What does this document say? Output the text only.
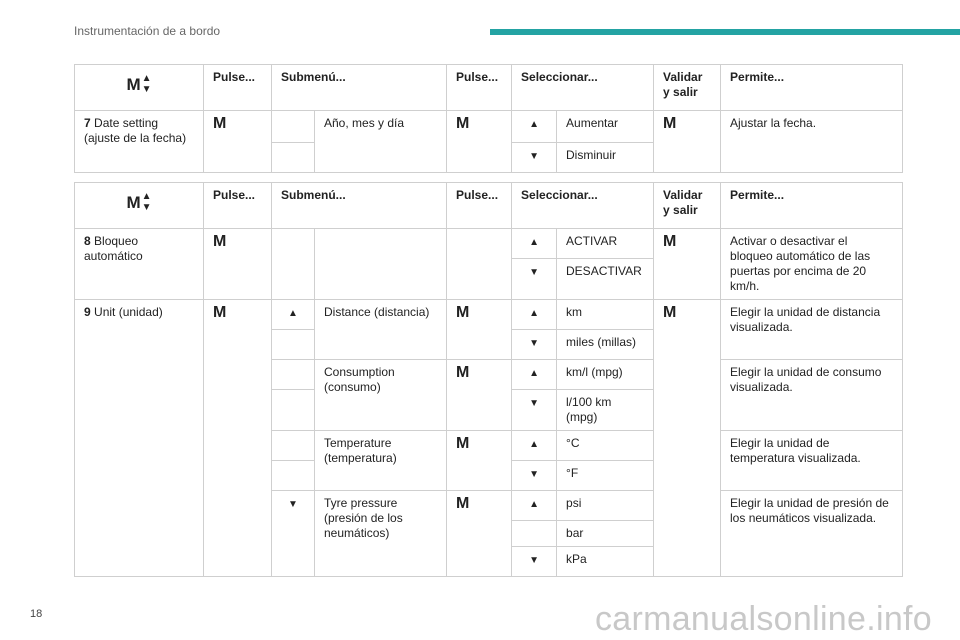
Instrumentación de a bordo
M ▲
▼	Pulse...	Submenú...		Pulse...	Seleccionar...		Validar y salir	Permite...
7 Date setting (ajuste de la fecha)	M		Año, mes y día	M	▲	Aumentar	M	Ajustar la fecha.
					▼	Disminuir		
M ▲
▼	Pulse...	Submenú...		Pulse...	Seleccionar...		Validar y salir	Permite...
8 Bloqueo automático	M				▲	ACTIVAR	M	Activar o desactivar el bloqueo automático de las puertas por encima de 20 km/h.
					▼	DESACTIVAR		
9 Unit (unidad)	M	▲	Distance (distancia)	M	▲	km	M	Elegir la unidad de distancia visualizada.
					▼	miles (millas)		
			Consumption (consumo)	M	▲	km/l (mpg)		Elegir la unidad de consumo visualizada.
					▼	l/100 km (mpg)		
			Temperature (temperatura)	M	▲	°C		Elegir la unidad de temperatura visualizada.
					▼	°F		
		▼	Tyre pressure (presión de los neumáticos)	M	▲	psi		Elegir la unidad de presión de los neumáticos visualizada.
						bar		
					▼	kPa		
18	carmanualsonline.info
